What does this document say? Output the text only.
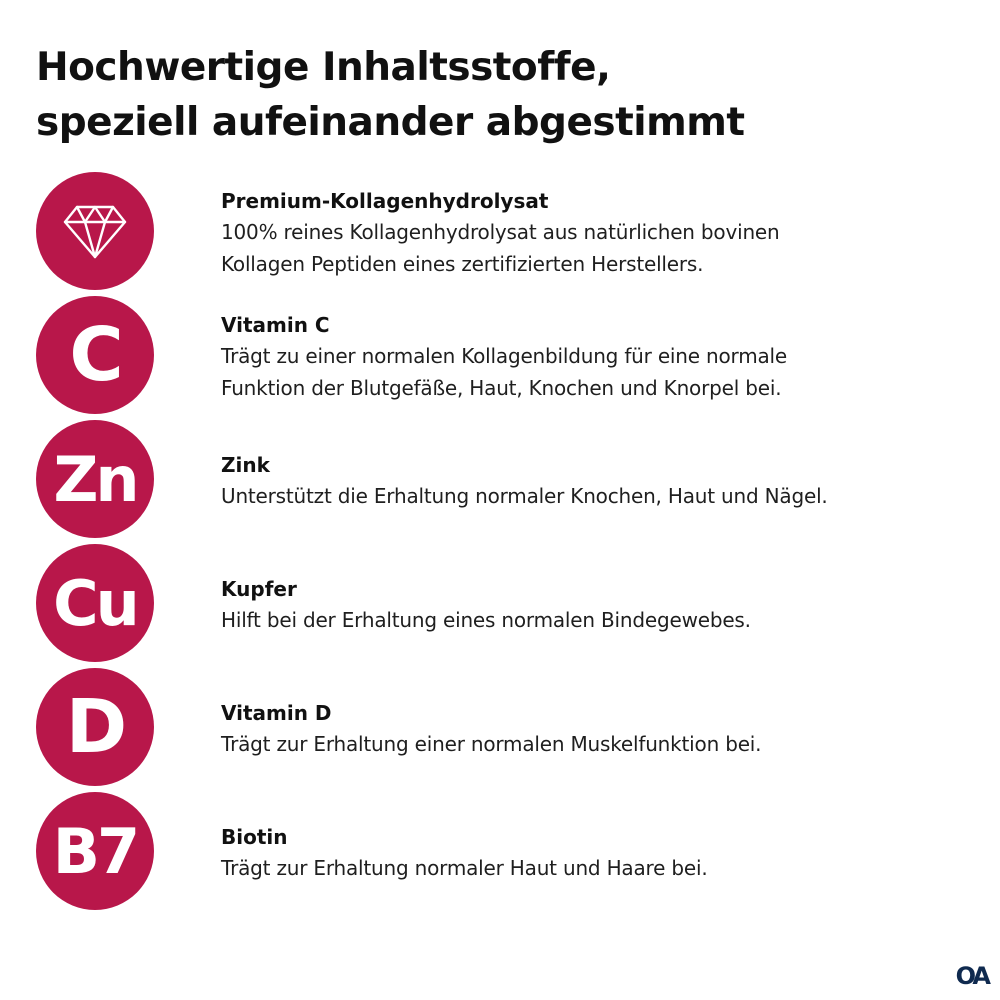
Hochwertige Inhaltsstoffe,
speziell aufeinander abgestimmt
Premium-Kollagenhydrolysat
100% reines Kollagenhydrolysat aus natürlichen bovinen
Kollagen Peptiden eines zertifizierten Herstellers.
C	Vitamin C
Trägt zu einer normalen Kollagenbildung für eine normale
Funktion der Blutgefäße, Haut, Knochen und Knorpel bei.
Zn	Zink
Unterstützt die Erhaltung normaler Knochen, Haut und Nägel.
Cu	Kupfer
Hilft bei der Erhaltung eines normalen Bindegewebes.
D	Vitamin D
Trägt zur Erhaltung einer normalen Muskelfunktion bei.
B7	Biotin
Trägt zur Erhaltung normaler Haut und Haare bei.
OA
